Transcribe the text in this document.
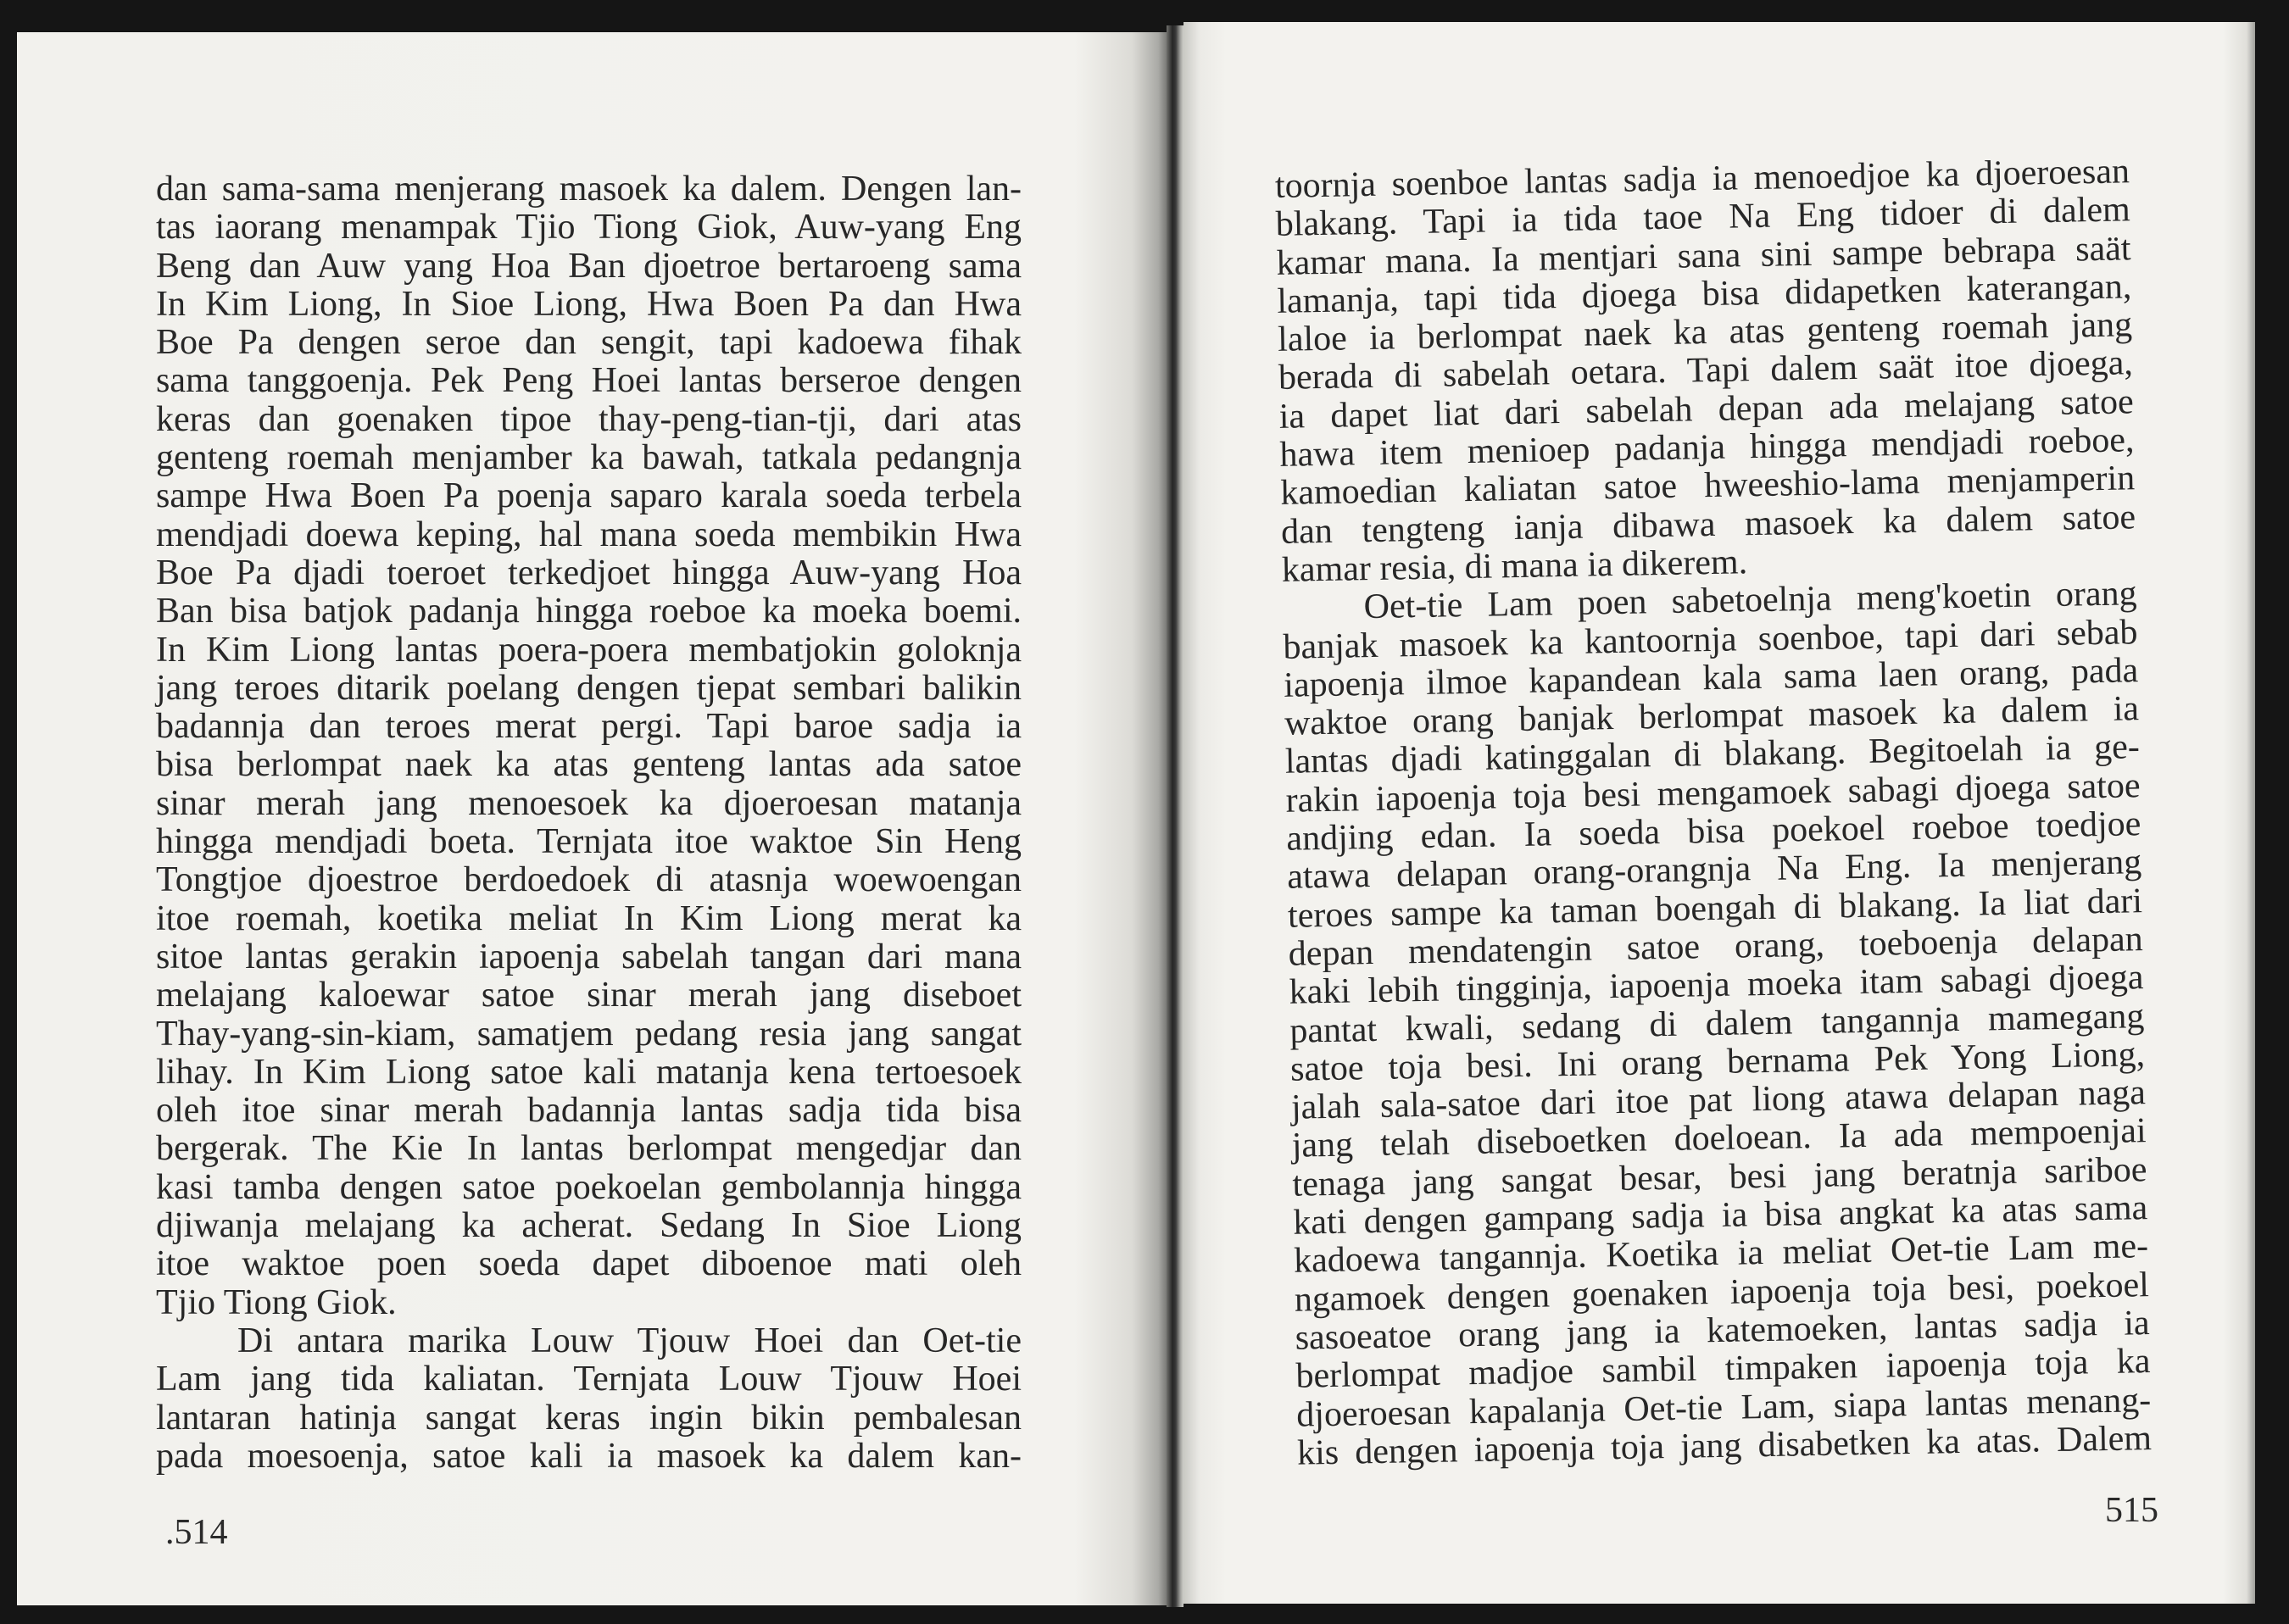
dan sama-sama menjerang masoek ka dalem. Dengen lan-
tas iaorang menampak Tjio Tiong Giok, Auw-yang Eng
Beng dan Auw yang Hoa Ban djoetroe bertaroeng sama
In Kim Liong, In Sioe Liong, Hwa Boen Pa dan Hwa
Boe Pa dengen seroe dan sengit, tapi kadoewa fihak
sama tanggoenja. Pek Peng Hoei lantas berseroe dengen
keras dan goenaken tipoe thay-peng-tian-tji, dari atas
genteng roemah menjamber ka bawah, tatkala pedangnja
sampe Hwa Boen Pa poenja saparo karala soeda terbela
mendjadi doewa keping, hal mana soeda membikin Hwa
Boe Pa djadi toeroet terkedjoet hingga Auw-yang Hoa
Ban bisa batjok padanja hingga roeboe ka moeka boemi.
In Kim Liong lantas poera-poera membatjokin goloknja
jang teroes ditarik poelang dengen tjepat sembari balikin
badannja dan teroes merat pergi. Tapi baroe sadja ia
bisa berlompat naek ka atas genteng lantas ada satoe
sinar merah jang menoesoek ka djoeroesan matanja
hingga mendjadi boeta. Ternjata itoe waktoe Sin Heng
Tongtjoe djoestroe berdoedoek di atasnja woewoengan
itoe roemah, koetika meliat In Kim Liong merat ka
sitoe lantas gerakin iapoenja sabelah tangan dari mana
melajang kaloewar satoe sinar merah jang diseboet
Thay-yang-sin-kiam, samatjem pedang resia jang sangat
lihay. In Kim Liong satoe kali matanja kena tertoesoek
oleh itoe sinar merah badannja lantas sadja tida bisa
bergerak. The Kie In lantas berlompat mengedjar dan
kasi tamba dengen satoe poekoelan gembolannja hingga
djiwanja melajang ka acherat. Sedang In Sioe Liong
itoe waktoe poen soeda dapet diboenoe mati oleh
Tjio Tiong Giok.
Di antara marika Louw Tjouw Hoei dan Oet-tie
Lam jang tida kaliatan. Ternjata Louw Tjouw Hoei
lantaran hatinja sangat keras ingin bikin pembalesan
pada moesoenja, satoe kali ia masoek ka dalem kan-
.514
toornja soenboe lantas sadja ia menoedjoe ka djoeroesan
blakang. Tapi ia tida taoe Na Eng tidoer di dalem
kamar mana. Ia mentjari sana sini sampe bebrapa saät
lamanja, tapi tida djoega bisa didapetken katerangan,
laloe ia berlompat naek ka atas genteng roemah jang
berada di sabelah oetara. Tapi dalem saät itoe djoega,
ia dapet liat dari sabelah depan ada melajang satoe
hawa item menioep padanja hingga mendjadi roeboe,
kamoedian kaliatan satoe hweeshio-lama menjamperin
dan tengteng ianja dibawa masoek ka dalem satoe
kamar resia, di mana ia dikerem.
Oet-tie Lam poen sabetoelnja meng'koetin orang
banjak masoek ka kantoornja soenboe, tapi dari sebab
iapoenja ilmoe kapandean kala sama laen orang, pada
waktoe orang banjak berlompat masoek ka dalem ia
lantas djadi katinggalan di blakang. Begitoelah ia ge-
rakin iapoenja toja besi mengamoek sabagi djoega satoe
andjing edan. Ia soeda bisa poekoel roeboe toedjoe
atawa delapan orang-orangnja Na Eng. Ia menjerang
teroes sampe ka taman boengah di blakang. Ia liat dari
depan mendatengin satoe orang, toeboenja delapan
kaki lebih tingginja, iapoenja moeka itam sabagi djoega
pantat kwali, sedang di dalem tangannja mamegang
satoe toja besi. Ini orang bernama Pek Yong Liong,
jalah sala-satoe dari itoe pat liong atawa delapan naga
jang telah diseboetken doeloean. Ia ada mempoenjai
tenaga jang sangat besar, besi jang beratnja sariboe
kati dengen gampang sadja ia bisa angkat ka atas sama
kadoewa tangannja. Koetika ia meliat Oet-tie Lam me-
ngamoek dengen goenaken iapoenja toja besi, poekoel
sasoeatoe orang jang ia katemoeken, lantas sadja ia
berlompat madjoe sambil timpaken iapoenja toja ka
djoeroesan kapalanja Oet-tie Lam, siapa lantas menang-
kis dengen iapoenja toja jang disabetken ka atas. Dalem
515
